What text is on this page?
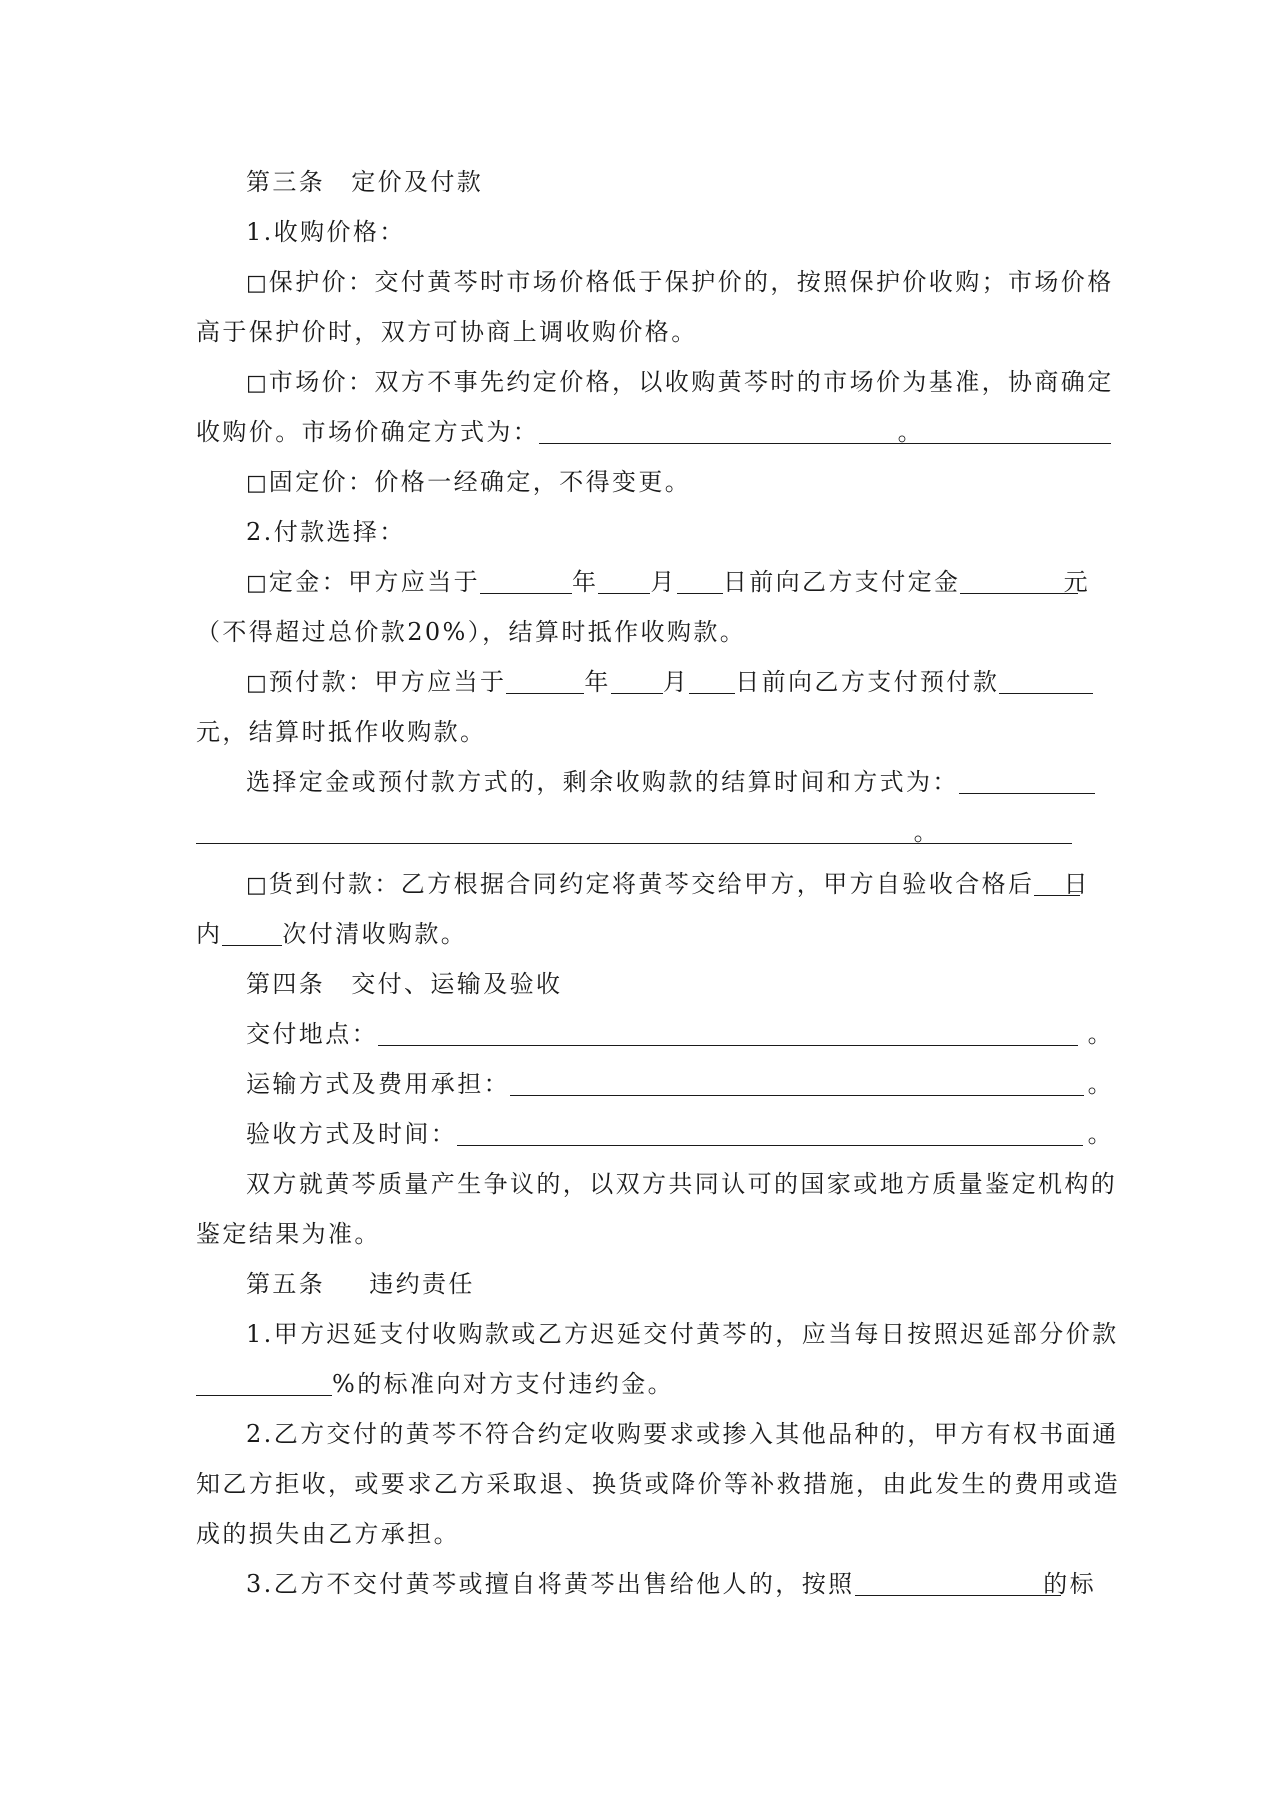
第三条 定价及付款
1.收购价格：
□保护价：交付黄芩时市场价格低于保护价的，按照保护价收购；市场价格
高于保护价时，双方可协商上调收购价格。
□市场价：双方不事先约定价格，以收购黄芩时的市场价为基准，协商确定
收购价。市场价确定方式为：	。
□固定价：价格一经确定，不得变更。
2.付款选择：
□定金：甲方应当于	年 月 日前向乙方支付定金	元
（不得超过总价款20%），结算时抵作收购款。
□预付款：甲方应当于	年 月 日前向乙方支付预付款
元，结算时抵作收购款。
选择定金或预付款方式的，剩余收购款的结算时间和方式为：
。
□货到付款：乙方根据合同约定将黄芩交给甲方，甲方自验收合格后 日
内	次付清收购款。
第四条 交付、运输及验收
交付地点：	。
运输方式及费用承担：	。
验收方式及时间：	。
双方就黄芩质量产生争议的，以双方共同认可的国家或地方质量鉴定机构的
鉴定结果为准。
第五条 违约责任
1.甲方迟延支付收购款或乙方迟延交付黄芩的，应当每日按照迟延部分价款
%的标准向对方支付违约金。
2.乙方交付的黄芩不符合约定收购要求或掺入其他品种的，甲方有权书面通
知乙方拒收，或要求乙方采取退、换货或降价等补救措施，由此发生的费用或造
成的损失由乙方承担。
3.乙方不交付黄芩或擅自将黄芩出售给他人的，按照	的标
